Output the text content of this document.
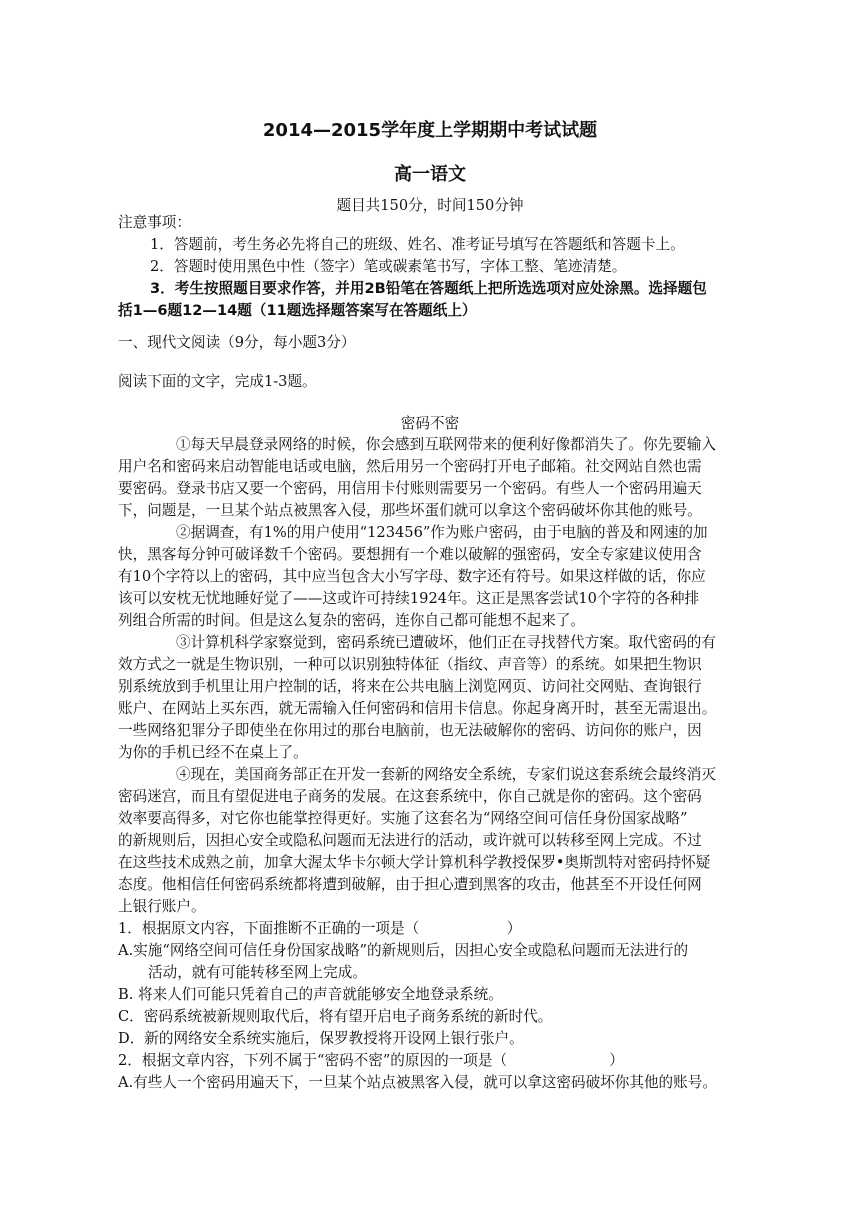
2014—2015学年度上学期期中考试试题
高一语文
题目共150分，时间150分钟
注意事项：
1．答题前，考生务必先将自己的班级、姓名、准考证号填写在答题纸和答题卡上。
2．答题时使用黑色中性（签字）笔或碳素笔书写，字体工整、笔迹清楚。
3．考生按照题目要求作答，并用2B铅笔在答题纸上把所选选项对应处涂黑。选择题包
括1—6题12—14题（11题选择题答案写在答题纸上）
一、现代文阅读（9分，每小题3分）
阅读下面的文字，完成1-3题。
密码不密
①每天早晨登录网络的时候，你会感到互联网带来的便利好像都消失了。你先要输入
用户名和密码来启动智能电话或电脑，然后用另一个密码打开电子邮箱。社交网站自然也需
要密码。登录书店又要一个密码，用信用卡付账则需要另一个密码。有些人一个密码用遍天
下，问题是，一旦某个站点被黑客入侵，那些坏蛋们就可以拿这个密码破坏你其他的账号。
②据调查，有1%的用户使用“123456”作为账户密码，由于电脑的普及和网速的加
快，黑客每分钟可破译数千个密码。要想拥有一个难以破解的强密码，安全专家建议使用含
有10个字符以上的密码，其中应当包含大小写字母、数字还有符号。如果这样做的话，你应
该可以安枕无忧地睡好觉了——这或许可持续1924年。这正是黑客尝试10个字符的各种排
列组合所需的时间。但是这么复杂的密码，连你自己都可能想不起来了。
③计算机科学家察觉到，密码系统已遭破坏，他们正在寻找替代方案。取代密码的有
效方式之一就是生物识别，一种可以识别独特体征（指纹、声音等）的系统。如果把生物识
别系统放到手机里让用户控制的话，将来在公共电脑上浏览网页、访问社交网贴、查询银行
账户、在网站上买东西，就无需输入任何密码和信用卡信息。你起身离开时，甚至无需退出。
一些网络犯罪分子即使坐在你用过的那台电脑前，也无法破解你的密码、访问你的账户，因
为你的手机已经不在桌上了。
④现在，美国商务部正在开发一套新的网络安全系统，专家们说这套系统会最终消灭
密码迷宫，而且有望促进电子商务的发展。在这套系统中，你自己就是你的密码。这个密码
效率要高得多，对它你也能掌控得更好。实施了这套名为“网络空间可信任身份国家战略”
的新规则后，因担心安全或隐私问题而无法进行的活动，或许就可以转移至网上完成。不过
在这些技术成熟之前，加拿大渥太华卡尔顿大学计算机科学教授保罗•奥斯凯特对密码持怀疑
态度。他相信任何密码系统都将遭到破解，由于担心遭到黑客的攻击，他甚至不开设任何网
上银行账户。
1．根据原文内容，下面推断不正确的一项是（　　　　　　）
A.实施“网络空间可信任身份国家战略”的新规则后，因担心安全或隐私问题而无法进行的
活动，就有可能转移至网上完成。
B. 将来人们可能只凭着自己的声音就能够安全地登录系统。
C．密码系统被新规则取代后，将有望开启电子商务系统的新时代。
D．新的网络安全系统实施后，保罗教授将开设网上银行张户。
2．根据文章内容，下列不属于“密码不密”的原因的一项是（　　　　　　　）
A.有些人一个密码用遍天下，一旦某个站点被黑客入侵，就可以拿这密码破坏你其他的账号。
